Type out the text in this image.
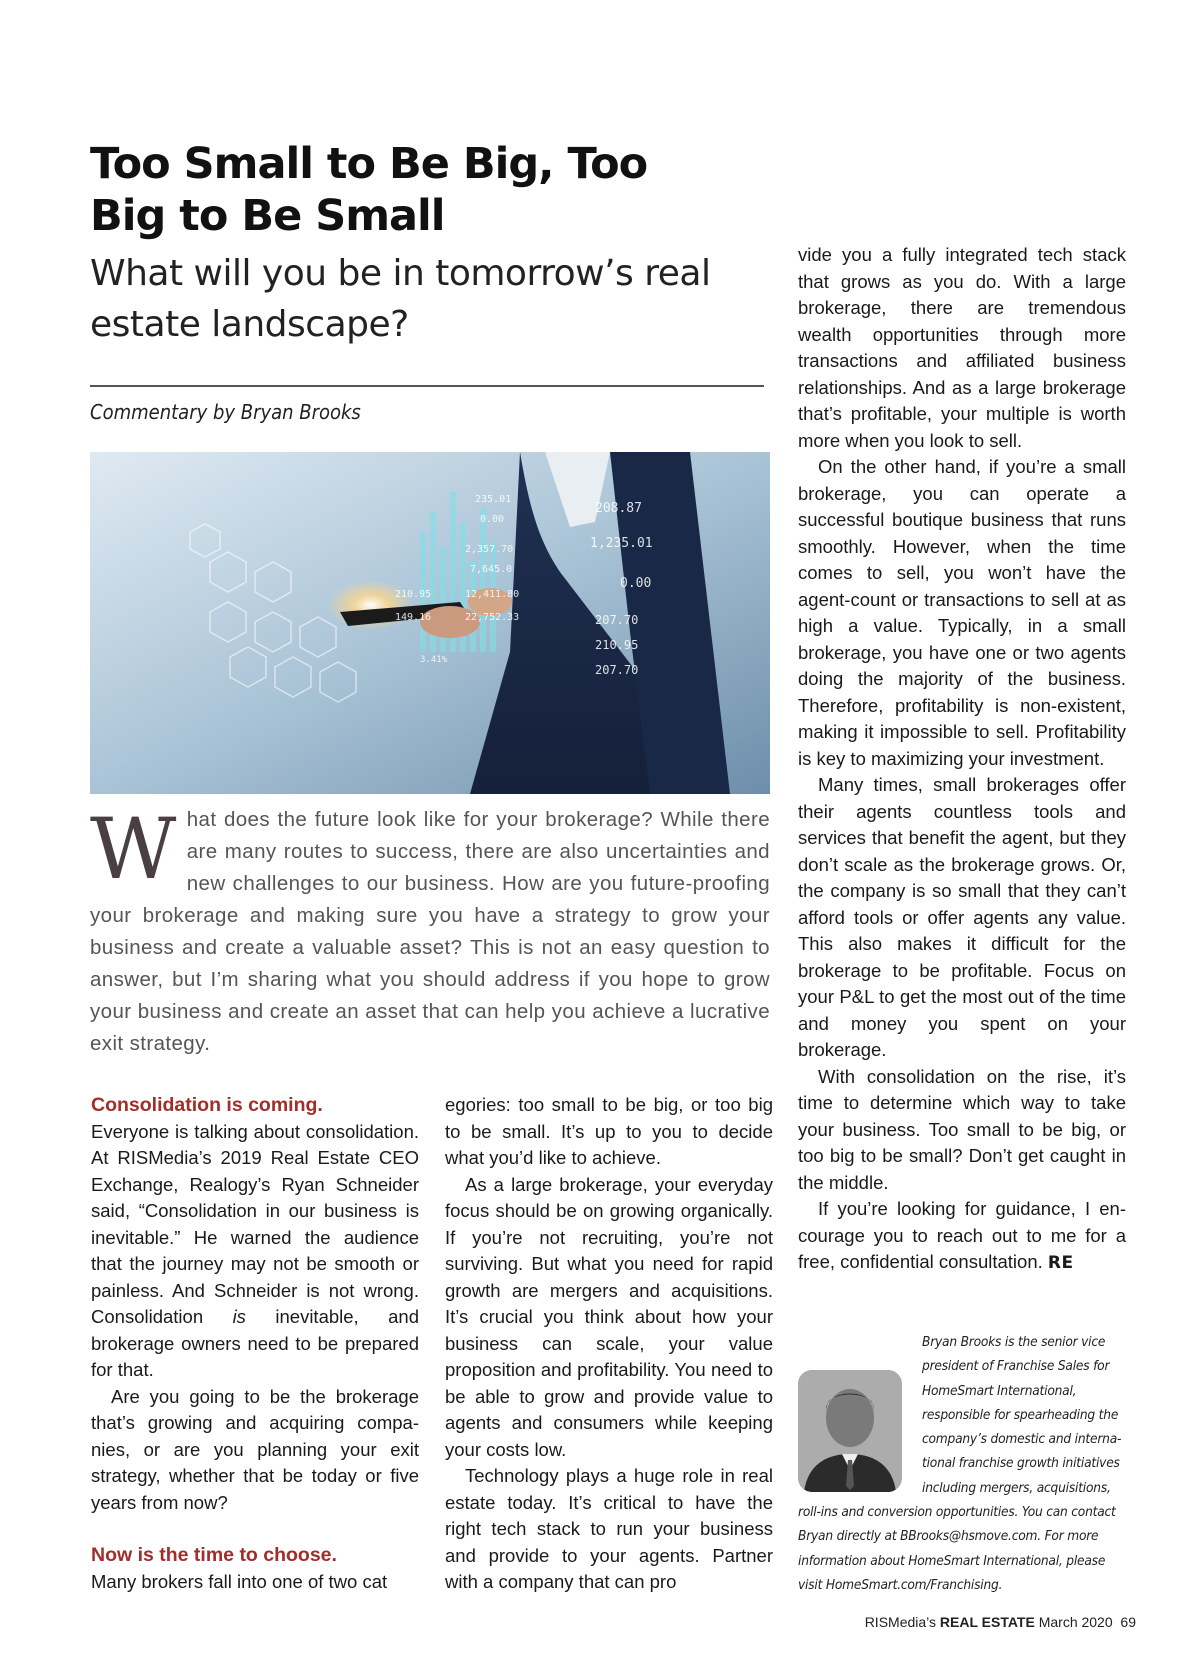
Too Small to Be Big, Too Big to Be Small
What will you be in tomorrow’s real estate landscape?
Commentary by Bryan Brooks
235.01
0.00
2,357.70
7,645.0
210.95	12,411.80
149.16	22,752.33
208.87
1,235.01
0.00
207.70
210.95
207.70
3.41%

What does the future look like for your brokerage? While there are many routes to success, there are also uncertainties and new challenges to our business. How are you future-proofing your brokerage and making sure you have a strategy to grow your business and create a valuable asset? This is not an easy question to answer, but I’m sharing what you should address if you hope to grow your business and create an asset that can help you achieve a lucrative exit strategy.

Consolidation is coming.

Everyone is talking about consolidation. At RISMedia’s 2019 Real Estate CEO Exchange, Realogy’s Ryan Schneider said, “Consolidation in our business is inevitable.” He warned the audience that the journey may not be smooth or painless. And Schneider is not wrong. Consolidation is inevitable, and brokerage owners need to be prepared for that.

Are you going to be the brokerage that’s growing and acquiring companies, or are you planning your exit strategy, whether that be today or five years from now?

Now is the time to choose.

Many brokers fall into one of two cat

egories: too small to be big, or too big to be small. It’s up to you to decide what you’d like to achieve.

As a large brokerage, your everyday focus should be on growing organically. If you’re not recruiting, you’re not surviving. But what you need for rapid growth are mergers and acquisitions. It’s crucial you think about how your business can scale, your value proposition and profitability. You need to be able to grow and provide value to agents and consumers while keeping your costs low.

Technology plays a huge role in real estate today. It’s critical to have the right tech stack to run your business and provide to your agents. Partner with a company that can pro

vide you a fully integrated tech stack that grows as you do. With a large brokerage, there are tremendous wealth opportunities through more transactions and affiliated business relationships. And as a large brokerage that’s profitable, your multiple is worth more when you look to sell.

On the other hand, if you’re a small brokerage, you can operate a successful boutique business that runs smoothly. However, when the time comes to sell, you won’t have the agent-count or transactions to sell at as high a value. Typically, in a small brokerage, you have one or two agents doing the majority of the business. Therefore, profitability is non-existent, making it impossible to sell. Profitability is key to maximizing your investment.

Many times, small brokerages offer their agents countless tools and services that benefit the agent, but they don’t scale as the brokerage grows. Or, the company is so small that they can’t afford tools or offer agents any value. This also makes it difficult for the brokerage to be profitable. Focus on your P&L to get the most out of the time and money you spent on your brokerage.

With consolidation on the rise, it’s time to determine which way to take your business. Too small to be big, or too big to be small? Don’t get caught in the middle.

If you’re looking for guidance, I encourage you to reach out to me for a free, confidential consultation. RE

Bryan Brooks is the senior vice president of Franchise Sales for HomeSmart International, responsible for spearheading the company’s domestic and international franchise growth initiatives including mergers, acquisitions, roll-ins and conversion opportunities. You can contact Bryan directly at BBrooks@hsmove.com. For more information about HomeSmart International, please visit HomeSmart.com/Franchising.

RISMedia’s REAL ESTATE March 2020 69
